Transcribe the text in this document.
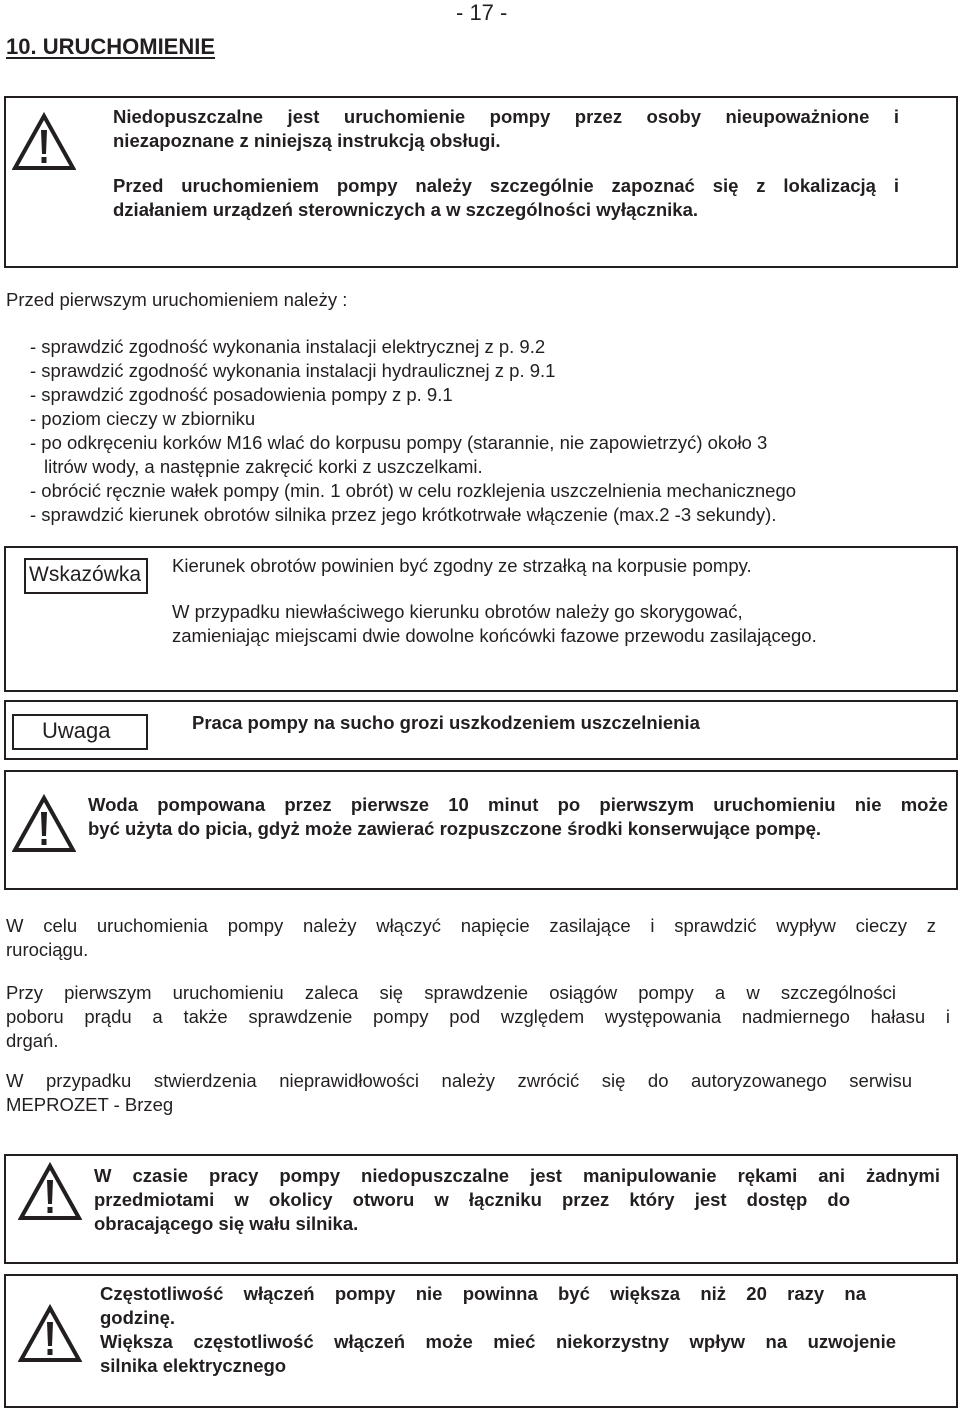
- 17 -
10. URUCHOMIENIE
Niedopuszczalne jest uruchomienie pompy przez osoby nieupoważnione i
niezapoznane z niniejszą instrukcją obsługi.
Przed uruchomieniem pompy należy szczególnie zapoznać się z lokalizacją i
działaniem urządzeń sterowniczych a w szczególności wyłącznika.
Przed pierwszym uruchomieniem należy :
- sprawdzić zgodność wykonania instalacji elektrycznej z p. 9.2
- sprawdzić zgodność wykonania instalacji hydraulicznej z p. 9.1
- sprawdzić zgodność posadowienia pompy z p. 9.1
- poziom cieczy w zbiorniku
- po odkręceniu korków M16 wlać do korpusu pompy (starannie, nie zapowietrzyć) około 3
litrów wody, a następnie zakręcić korki z uszczelkami.
- obrócić ręcznie wałek pompy (min. 1 obrót) w celu rozklejenia uszczelnienia mechanicznego
- sprawdzić kierunek obrotów silnika przez jego krótkotrwałe włączenie (max.2 -3 sekundy).
Wskazówka	Kierunek obrotów powinien być zgodny ze strzałką na korpusie pompy.
W przypadku niewłaściwego kierunku obrotów należy go skorygować,
zamieniając miejscami dwie dowolne końcówki fazowe przewodu zasilającego.
Uwaga	Praca pompy na sucho grozi uszkodzeniem uszczelnienia
Woda pompowana przez pierwsze 10 minut po pierwszym uruchomieniu nie może
być użyta do picia, gdyż może zawierać rozpuszczone środki konserwujące pompę.
W celu uruchomienia pompy należy włączyć napięcie zasilające i sprawdzić wypływ cieczy z
rurociągu.
Przy pierwszym uruchomieniu zaleca się sprawdzenie osiągów pompy a w szczególności
poboru prądu a także sprawdzenie pompy pod względem występowania nadmiernego hałasu i
drgań.
W przypadku stwierdzenia nieprawidłowości należy zwrócić się do autoryzowanego serwisu
MEPROZET - Brzeg
W czasie pracy pompy niedopuszczalne jest manipulowanie rękami ani żadnymi
przedmiotami w okolicy otworu w łączniku przez który jest dostęp do
obracającego się wału silnika.
Częstotliwość włączeń pompy nie powinna być większa niż 20 razy na
godzinę.
Większa częstotliwość włączeń może mieć niekorzystny wpływ na uzwojenie
silnika elektrycznego
